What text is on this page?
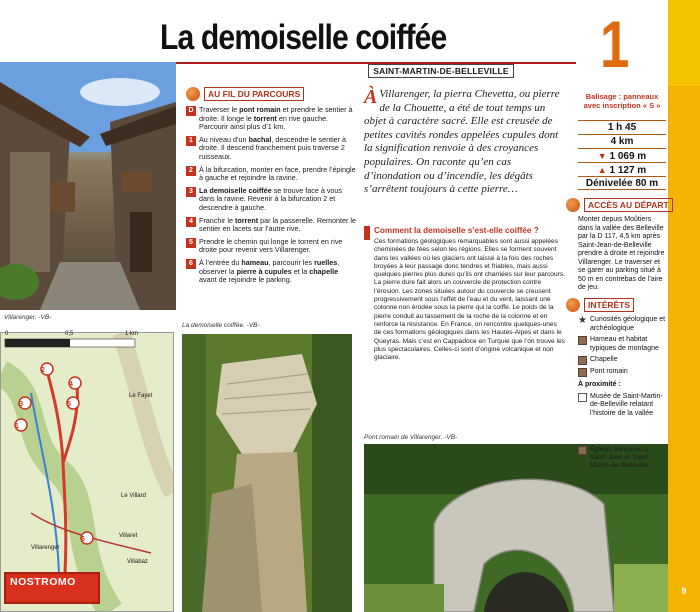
9
La demoiselle coiffée 1
SAINT-MARTIN-DE-BELLEVILLE
Villarenger. -VB-
0	0,5	1 km
2
3
4
5
1
6
Villarenger
Villaret
Le Villard
Villabaz
Le Fayet
NOSTROMO
AU FIL DU PARCOURS
D Traverser le pont romain et prendre le sentier à droite. Il longe le torrent en rive gauche. Parcourir ainsi plus d’1 km.
1 Au niveau d’un bachal, descendre le sentier à droite. Il descend franchement puis traverse 2 ruisseaux.
2 À la bifurcation, monter en face, prendre l’épingle à gauche et rejoindre la ravine.
3 La demoiselle coiffée se trouve face à vous dans la ravine. Revenir à la bifurcation 2 et descendre à gauche.
4 Franchir le torrent par la passerelle. Remonter le sentier en lacets sur l’autre rive.
5 Prendre le chemin qui longe le torrent en rive droite pour revenir vers Villarenger.
6 À l’entrée du hameau, parcourir les ruelles, observer la pierre à cupules et la chapelle avant de rejoindre le parking.
La demoiselle coiffée. -VB-
À Villarenger, la pierra Chevetta, ou pierre de la Chouette, a été de tout temps un objet à caractère sacré. Elle est creusée de petites cavités rondes appelées cupules dont la signification renvoie à des croyances populaires. On raconte qu’en cas d’inondation ou d’incendie, les dégâts s’arrêtent toujours à cette pierre…
Comment la demoiselle s’est-elle coiffée ?

Ces formations géologiques remarquables sont aussi appelées cheminées de fées selon les régions. Elles se forment souvent dans les vallées où les glaciers ont laissé à la fois des roches broyées à leur passage donc tendres et friables, mais aussi quelques pierres plus dures qu’ils ont charriées sur leur parcours. La pierre dure fait alors un couvercle de protection contre l’érosion. Les zones situées autour du couvercle se creusent progressivement sous l’effet de l’eau et du vent, laissant une colonne non érodée sous la pierre qui la coiffe. Le poids de la pierre conduit au tassement de la roche de la colonne et en renforce la résistance. En France, on rencontre quelques-unes de ces formations géologiques dans les Hautes-Alpes et dans le Queyras. Mais c’est en Cappadoce en Turquie que l’on trouve les plus spectaculaires. Celles-ci sont d’origine volcanique et non glaciaire.

Pont romain de Villarenger. -VB-
Balisage : panneaux avec inscription « S »
1 h 45
4 km
▼ 1 069 m
▲ 1 127 m
Dénivelée 80 m
ACCÈS AU DÉPART
Monter depuis Moûtiers dans la vallée des Belleville par la D 117, 4,5 km après Saint-Jean-de-Belleville prendre à droite et rejoindre Villarenger. Le traverser et se garer au parking situé à 50 m en contrebas de l’aire de jeu.
INTÉRÊTS
★ Curiosités géologique et archéologique
Hameau et habitat typiques de montagne
Chapelle
Pont romain
À proximité :
Musée de Saint-Martin-de-Belleville relatant l’histoire de la vallée
Églises baroques à Saint-Jean et Saint-Martin-de-Belleville
